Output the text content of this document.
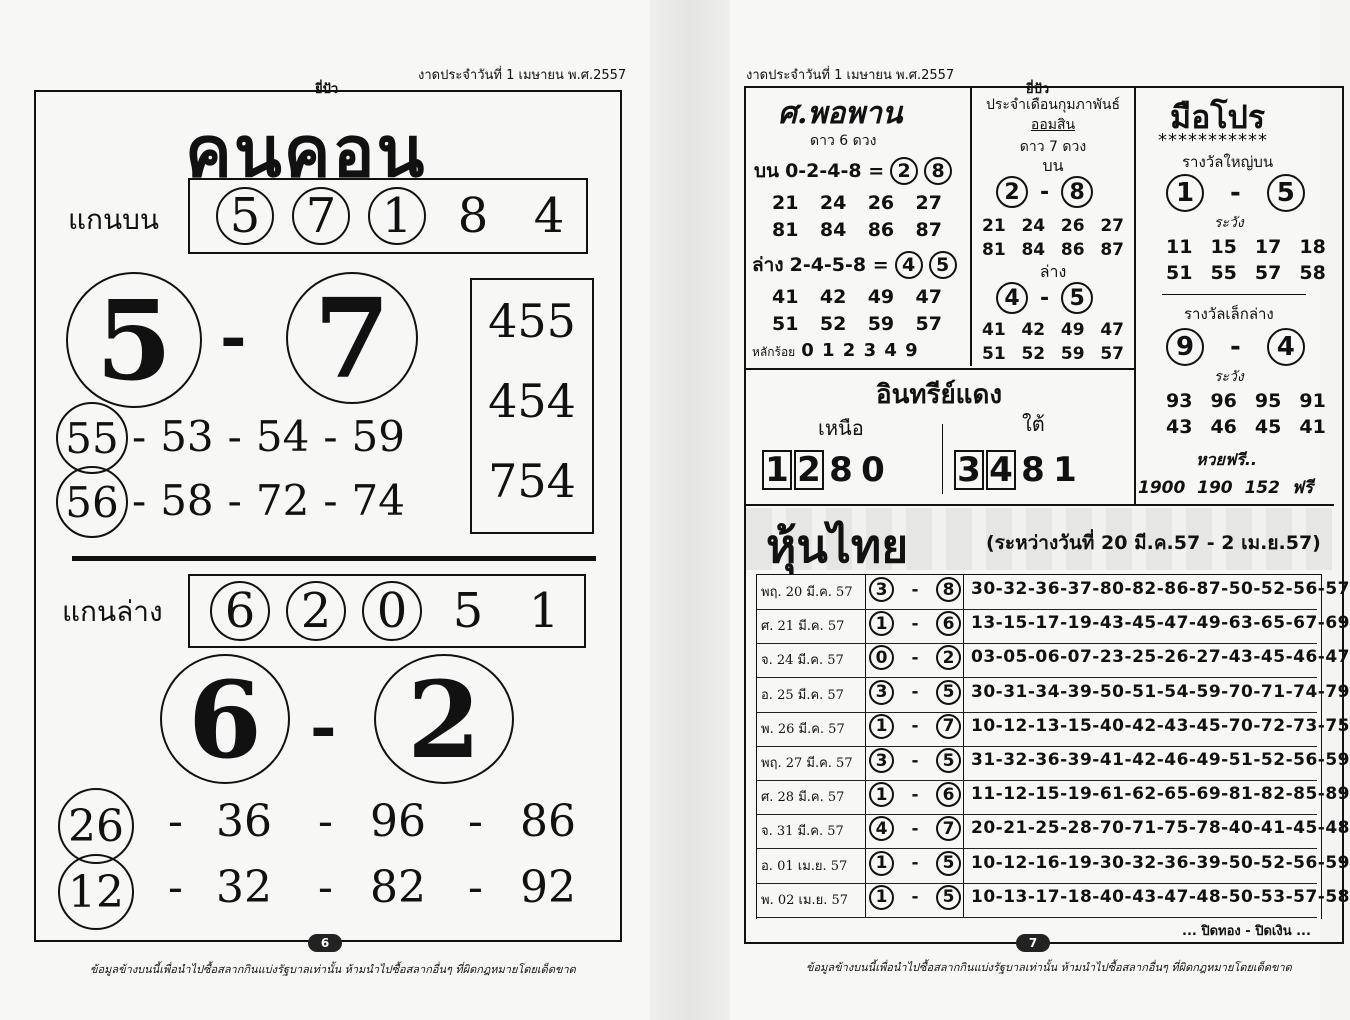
งาดประจำวันที่ 1 เมษายน พ.ศ.2557
ยี่ปัว
คนคอน
แกนบน 5 7 1 8 4
5 - 7	455
454
754
55 - 53 - 54 - 59
56 - 58 - 72 - 74
แกนล่าง	6 2 0 5 1
6 - 2
26 - 36 - 96 - 86
12 - 32 - 82 - 92
6
ข้อมูลข้างบนนี้เพื่อนำไปซื้อสลากกินแบ่งรัฐบาลเท่านั้น ห้ามนำไปซื้อสลากอื่นๆ ที่ผิดกฎหมายโดยเด็ดขาด
งาดประจำวันที่ 1 เมษายน พ.ศ.2557
ยี่ปัว
ศ.พอพาน
ดาว 6 ดวง
บน 0-2-4-8 = 2	8
21 24 26 27
81 84 86 87
ล่าง 2-4-5-8 = 4	5
41 42 49 47
51 52 59 57
หลักร้อย 0 1 2 3 4 9
ประจำเดือนกุมภาพันธ์
ออมสิน
ดาว 7 ดวง
บน
2 - 8
21 24 26 27
81 84 86 87
ล่าง
4 - 5
41 42 49 47
51 52 59 57
มือโปร
***********
รางวัลใหญ่บน
1	-	5
ระวัง
11 15 17 18
51 55 57 58
รางวัลเล็กล่าง
9	-	4
ระวัง
93 96 95 91
43 46 45 41
หวยฟรี..
1900  190  152  ฟรี
อินทรีย์แดง
เหนือ	ใต้
1 2 8 0 3 4 8 1
หุ้นไทย	(ระหว่างวันที่ 20 มี.ค.57 - 2 เม.ย.57)
พฤ. 20 มี.ค. 57	3	-	8 30-32-36-37-80-82-86-87-50-52-56-57
ศ. 21 มี.ค. 57	1	-	6 13-15-17-19-43-45-47-49-63-65-67-69
จ. 24 มี.ค. 57	0	-	2 03-05-06-07-23-25-26-27-43-45-46-47
อ. 25 มี.ค. 57	3	-	5 30-31-34-39-50-51-54-59-70-71-74-79
พ. 26 มี.ค. 57	1	-	7 10-12-13-15-40-42-43-45-70-72-73-75
พฤ. 27 มี.ค. 57	3	-	5 31-32-36-39-41-42-46-49-51-52-56-59
ศ. 28 มี.ค. 57	1	-	6 11-12-15-19-61-62-65-69-81-82-85-89
จ. 31 มี.ค. 57	4	-	7 20-21-25-28-70-71-75-78-40-41-45-48
อ. 01 เม.ย. 57	1	-	5 10-12-16-19-30-32-36-39-50-52-56-59
พ. 02 เม.ย. 57	1	-	5 10-13-17-18-40-43-47-48-50-53-57-58
... ปิดทอง - ปิดเงิน ...
7
ข้อมูลข้างบนนี้เพื่อนำไปซื้อสลากกินแบ่งรัฐบาลเท่านั้น ห้ามนำไปซื้อสลากอื่นๆ ที่ผิดกฎหมายโดยเด็ดขาด
